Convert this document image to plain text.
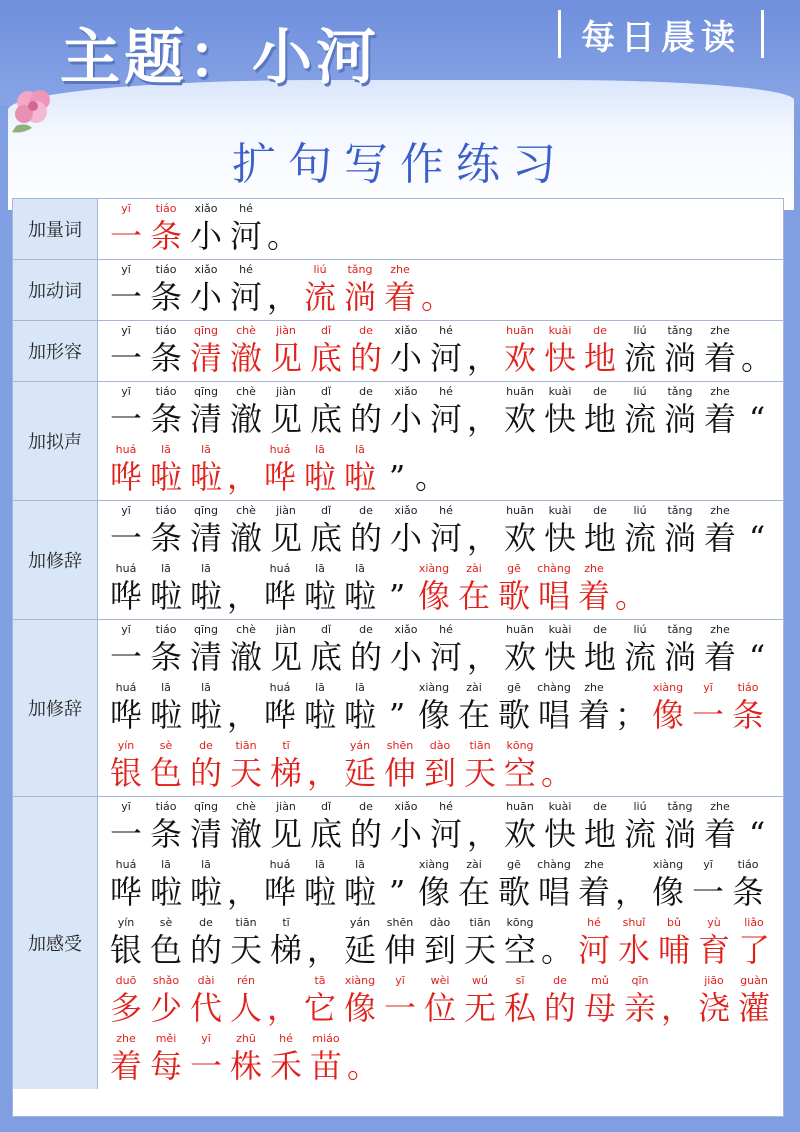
主题：小河	每日晨读
扩句写作练习
加量词
yī
一
tiáo
条
xiǎo
小
hé
河 。
加动词
yī
一
tiáo
条
xiǎo
小
hé
河 ，
liú
流
tǎng
淌
zhe
着 。
加形容
yī
一
tiáo
条
qīng
清
chè
澈
jiàn
见
dǐ
底
de
的
xiǎo
小
hé
河 ，
huān
欢
kuài
快
de
地
liú
流
tǎng
淌
zhe
着 。
加拟声
yī
一
tiáo
条
qīng
清
chè
澈
jiàn
见
dǐ
底
de
的
xiǎo
小
hé
河 ，
huān
欢
kuài
快
de
地
liú
流
tǎng
淌
zhe
着 “
huá
哗
lā
啦
lā
啦 ，
huá
哗
lā
啦
lā
啦 ” 。
加修辞
yī
一
tiáo
条
qīng
清
chè
澈
jiàn
见
dǐ
底
de
的
xiǎo
小
hé
河 ，
huān
欢
kuài
快
de
地
liú
流
tǎng
淌
zhe
着 “
huá
哗
lā
啦
lā
啦 ，
huá
哗
lā
啦
lā
啦 ”
xiàng
像
zài
在
gē
歌
chàng
唱
zhe
着 。
加修辞
yī
一
tiáo
条
qīng
清
chè
澈
jiàn
见
dǐ
底
de
的
xiǎo
小
hé
河 ，
huān
欢
kuài
快
de
地
liú
流
tǎng
淌
zhe
着 “
huá
哗
lā
啦
lā
啦 ，
huá
哗
lā
啦
lā
啦 ”
xiàng
像
zài
在
gē
歌
chàng
唱
zhe
着 ；
xiàng
像
yī
一
tiáo
条
yín
银
sè
色
de
的
tiān
天
tī
梯 ，
yán
延
shēn
伸
dào
到
tiān
天
kōng
空 。
加感受
yī
一
tiáo
条
qīng
清
chè
澈
jiàn
见
dǐ
底
de
的
xiǎo
小
hé
河 ，
huān
欢
kuài
快
de
地
liú
流
tǎng
淌
zhe
着 “
huá
哗
lā
啦
lā
啦 ，
huá
哗
lā
啦
lā
啦 ”
xiàng
像
zài
在
gē
歌
chàng
唱
zhe
着 ，
xiàng
像
yī
一
tiáo
条
yín
银
sè
色
de
的
tiān
天
tī
梯 ，
yán
延
shēn
伸
dào
到
tiān
天
kōng
空 。
hé
河
shuǐ
水
bǔ
哺
yù
育
liǎo
了
duō
多
shǎo
少
dài
代
rén
人 ，
tā
它
xiàng
像
yī
一
wèi
位
wú
无
sī
私
de
的
mǔ
母
qīn
亲 ，
jiāo
浇
guàn
灌
zhe
着
měi
每
yī
一
zhū
株
hé
禾
miáo
苗 。
